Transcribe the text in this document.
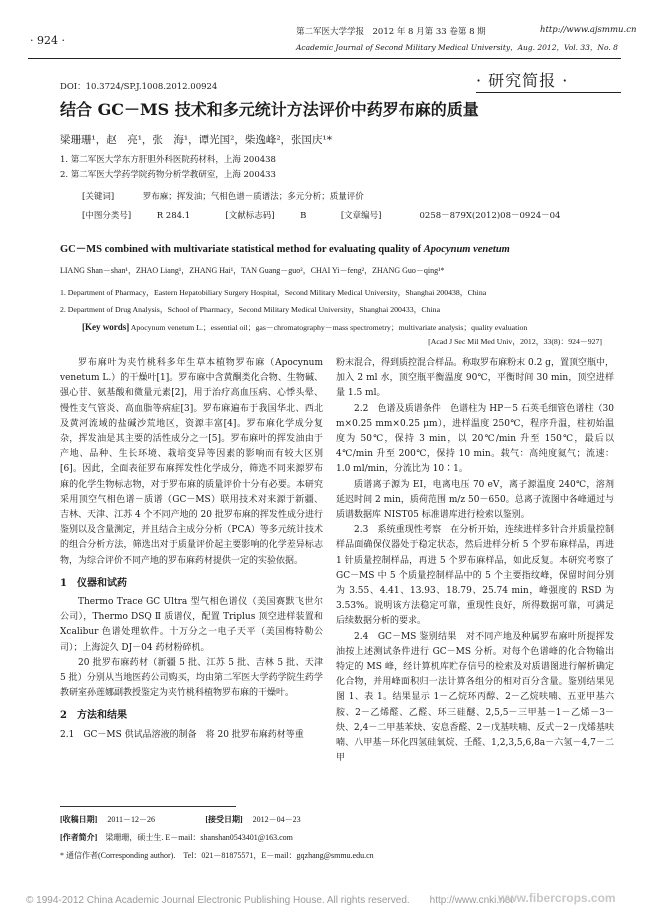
· 924 ·
第二军医大学学报　2012 年 8 月第 33 卷第 8 期	http://www.ajsmmu.cn
Academic Journal of Second Military Medical University，Aug. 2012，Vol. 33，No. 8
DOI：10.3724/SP.J.1008.2012.00924	· 研究简报 ·
结合 GC－MS 技术和多元统计方法评价中药罗布麻的质量
梁珊珊¹，赵　亮¹，张　海¹，谭光国²，柴逸峰²，张国庆¹*
1. 第二军医大学东方肝胆外科医院药材科，上海 200438
2. 第二军医大学药学院药物分析学教研室，上海 200433
[关键词]	罗布麻；挥发油；气相色谱－质谱法；多元分析；质量评价
[中图分类号]	R 284.1	[文献标志码]	B	[文章编号]	0258－879X(2012)08－0924－04
GC－MS combined with multivariate statistical method for evaluating quality of Apocynum venetum
LIANG Shan－shan¹，ZHAO Liang¹，ZHANG Hai¹，TAN Guang－guo²，CHAI Yi－feng²，ZHANG Guo－qing¹*
1. Department of Pharmacy，Eastern Hepatobiliary Surgery Hospital，Second Military Medical University，Shanghai 200438，China
2. Department of Drug Analysis，School of Pharmacy，Second Military Medical University，Shanghai 200433，China
[Key words] Apocynum venetum L.；essential oil；gas－chromatography－mass spectrometry；multivariate analysis；quality evaluation
[Acad J Sec Mil Med Univ，2012，33(8)：924－927]

罗布麻叶为夹竹桃科多年生草本植物罗布麻（Apocynum venetum L.）的干燥叶[1]。罗布麻中含黄酮类化合物、生物碱、强心苷、氨基酸和微量元素[2]，用于治疗高血压病、心悸头晕、慢性支气管炎、高血脂等病症[3]。罗布麻遍布于我国华北、西北及黄河流域的盐碱沙荒地区，资源丰富[4]。罗布麻化学成分复杂，挥发油是其主要的活性成分之一[5]。罗布麻叶的挥发油由于产地、品种、生长环境、栽培变异等因素的影响而有较大区别[6]。因此，全面表征罗布麻挥发性化学成分，筛选不同来源罗布麻的化学生物标志物，对于罗布麻的质量评价十分有必要。本研究采用顶空气相色谱－质谱（GC－MS）联用技术对来源于新疆、吉林、天津、江苏 4 个不同产地的 20 批罗布麻的挥发性成分进行鉴别以及含量测定，并且结合主成分分析（PCA）等多元统计技术的组合分析方法，筛选出对于质量评价起主要影响的化学差异标志物，为综合评价不同产地的罗布麻药材提供一定的实验依据。

1　仪器和试药

Thermo Trace GC Ultra 型气相色谱仪（美国赛默飞世尔公司），Thermo DSQ Ⅱ 质谱仪，配置 Triplus 顶空进样装置和 Xcalibur 色谱处理软件。十万分之一电子天平（美国梅特勒公司）；上海淀久 DJ－04 药材粉碎机。

20 批罗布麻药材（新疆 5 批、江苏 5 批、吉林 5 批、天津 5 批）分别从当地医药公司购买，均由第二军医大学药学院生药学教研室孙莲娜副教授鉴定为夹竹桃科植物罗布麻的干燥叶。

2　方法和结果
2.1　GC－MS 供试品溶液的制备　将 20 批罗布麻药材等重

粉末混合，得到质控混合样品。称取罗布麻粉末 0.2 g，置顶空瓶中，加入 2 ml 水，顶空瓶平衡温度 90℃，平衡时间 30 min，顶空进样量 1.5 ml。

2.2　色谱及质谱条件　色谱柱为 HP－5 石英毛细管色谱柱（30 m×0.25 mm×0.25 μm），进样温度 250℃，程序升温，柱初始温度为 50℃，保持 3 min，以 20℃/min 升至 150℃，最后以 4℃/min 升至 200℃，保持 10 min。载气：高纯度氦气；流速：1.0 ml/min，分流比为 10∶1。

质谱离子源为 EI，电离电压 70 eV，离子源温度 240℃，溶剂延迟时间 2 min，质荷范围 m/z 50－650。总离子流图中各峰通过与质谱数据库 NIST05 标准谱库进行检索以鉴别。

2.3　系统重现性考察　在分析开始，连续进样多针合并质量控制样品面确保仪器处于稳定状态，然后进样分析 5 个罗布麻样品，再进 1 针质量控制样品，再进 5 个罗布麻样品，如此反复。本研究考察了 GC－MS 中 5 个质量控制样品中的 5 个主要指纹峰，保留时间分别为 3.55、4.41、13.93、18.79、25.74 min，峰强度的 RSD 为 3.53%。说明该方法稳定可靠，重现性良好，所得数据可靠，可满足后续数据分析的要求。

2.4　GC－MS 鉴别结果　对不同产地及种属罗布麻叶所提挥发油按上述测试条件进行 GC－MS 分析。对每个色谱峰的化合物输出特定的 MS 峰，经计算机库贮存信号的检索及对质谱图进行解析确定化合物，并用峰面积归一法计算各组分的相对百分含量。鉴别结果见图 1、表 1。结果显示 1－乙烷环丙醇、2－乙烷呋喃、五亚甲基六胺、2－乙烯醛、乙醛、环三硅醚、2,5,5－三甲基－1－乙烯－3－炔、2,4－二甲基苯炔、安息香醛、2－戊基呋喃、反式－2－戊烯基呋喃、八甲基－环化四氢硅氧烷、壬醛、1,2,3,5,6,8a－六氢－4,7－二甲

[收稿日期] 2011－12－26	[接受日期] 2012－04－23
[作者简介] 梁珊珊，硕士生. E－mail：shanshan0543401@163.com
* 通信作者(Corresponding author). Tel：021－81875571，E－mail：gqzhang@smmu.edu.cn
© 1994-2012 China Academic Journal Electronic Publishing House. All rights reserved.　　http://www.cnki.net
www.fibercrops.com
